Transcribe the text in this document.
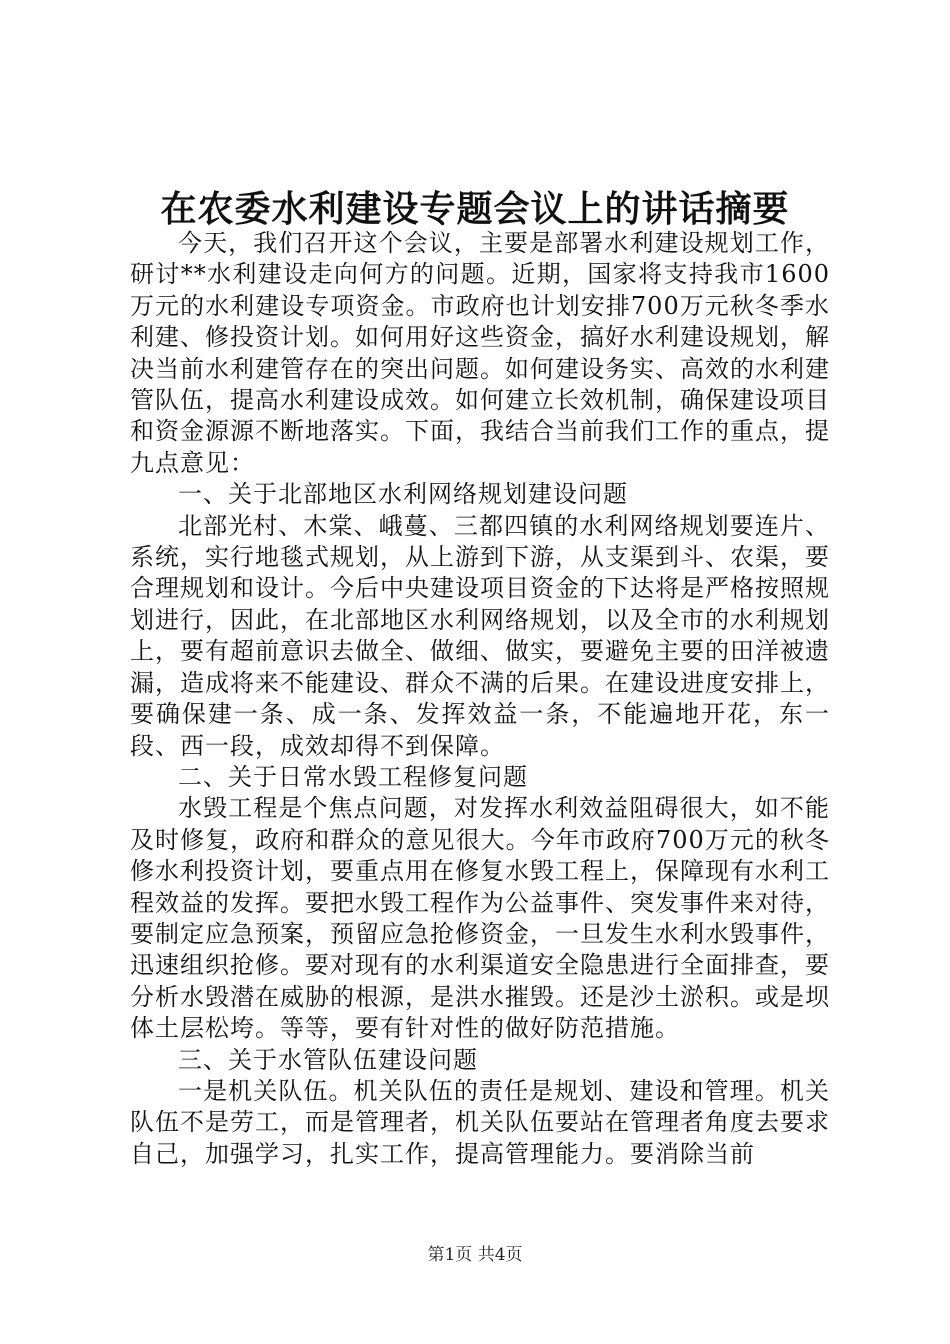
在农委水利建设专题会议上的讲话摘要

今天，我们召开这个会议，主要是部署水利建设规划工作，研讨**水利建设走向何方的问题。近期，国家将支持我市1600万元的水利建设专项资金。市政府也计划安排700万元秋冬季水利建、修投资计划。如何用好这些资金，搞好水利建设规划，解决当前水利建管存在的突出问题。如何建设务实、高效的水利建管队伍，提高水利建设成效。如何建立长效机制，确保建设项目和资金源源不断地落实。下面，我结合当前我们工作的重点，提九点意见：

一、关于北部地区水利网络规划建设问题

北部光村、木棠、峨蔓、三都四镇的水利网络规划要连片、系统，实行地毯式规划，从上游到下游，从支渠到斗、农渠，要合理规划和设计。今后中央建设项目资金的下达将是严格按照规划进行，因此，在北部地区水利网络规划，以及全市的水利规划上，要有超前意识去做全、做细、做实，要避免主要的田洋被遗漏，造成将来不能建设、群众不满的后果。在建设进度安排上，要确保建一条、成一条、发挥效益一条，不能遍地开花，东一段、西一段，成效却得不到保障。

二、关于日常水毁工程修复问题

水毁工程是个焦点问题，对发挥水利效益阻碍很大，如不能及时修复，政府和群众的意见很大。今年市政府700万元的秋冬修水利投资计划，要重点用在修复水毁工程上，保障现有水利工程效益的发挥。要把水毁工程作为公益事件、突发事件来对待，要制定应急预案，预留应急抢修资金，一旦发生水利水毁事件，迅速组织抢修。要对现有的水利渠道安全隐患进行全面排查，要分析水毁潜在威胁的根源，是洪水摧毁。还是沙土淤积。或是坝体土层松垮。等等，要有针对性的做好防范措施。

三、关于水管队伍建设问题

一是机关队伍。机关队伍的责任是规划、建设和管理。机关队伍不是劳工，而是管理者，机关队伍要站在管理者角度去要求自己，加强学习，扎实工作，提高管理能力。要消除当前

第1页 共4页
